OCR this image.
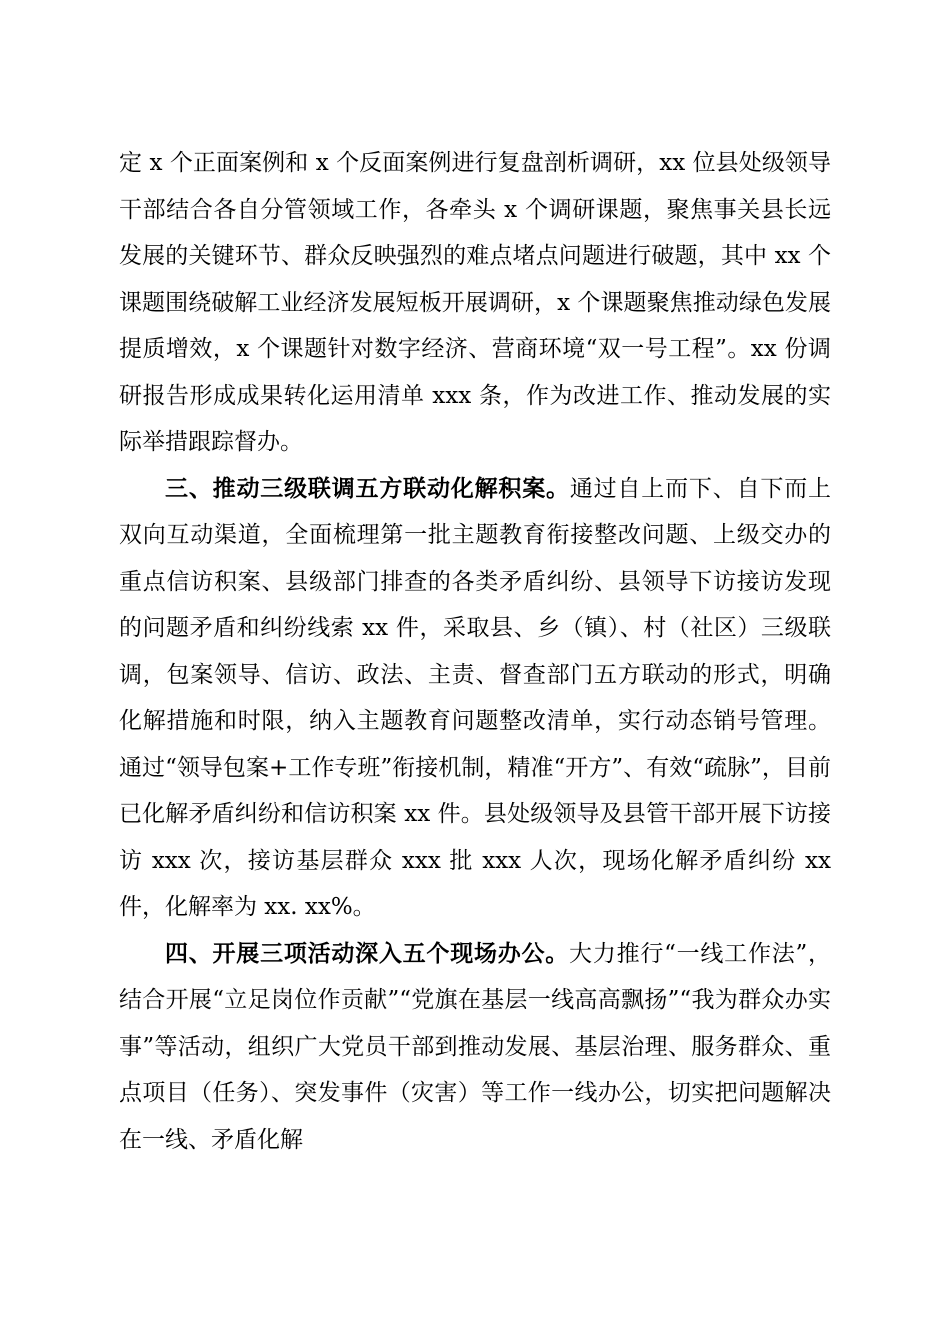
定 x 个正面案例和 x 个反面案例进行复盘剖析调研，xx 位县处级领导干部结合各自分管领域工作，各牵头 x 个调研课题，聚焦事关县长远发展的关键环节、群众反映强烈的难点堵点问题进行破题，其中 xx 个课题围绕破解工业经济发展短板开展调研，x 个课题聚焦推动绿色发展提质增效，x 个课题针对数字经济、营商环境“双一号工程”。xx 份调研报告形成成果转化运用清单 xxx 条，作为改进工作、推动发展的实际举措跟踪督办。

三、推动三级联调五方联动化解积案。通过自上而下、自下而上双向互动渠道，全面梳理第一批主题教育衔接整改问题、上级交办的重点信访积案、县级部门排查的各类矛盾纠纷、县领导下访接访发现的问题矛盾和纠纷线索 xx 件，采取县、乡（镇）、村（社区）三级联调，包案领导、信访、政法、主责、督查部门五方联动的形式，明确化解措施和时限，纳入主题教育问题整改清单，实行动态销号管理。通过“领导包案+工作专班”衔接机制，精准“开方”、有效“疏脉”，目前已化解矛盾纠纷和信访积案 xx 件。县处级领导及县管干部开展下访接访 xxx 次，接访基层群众 xxx 批 xxx 人次，现场化解矛盾纠纷 xx 件，化解率为 xx. xx%。

四、开展三项活动深入五个现场办公。大力推行“一线工作法”，结合开展“立足岗位作贡献”“党旗在基层一线高高飘扬”“我为群众办实事”等活动，组织广大党员干部到推动发展、基层治理、服务群众、重点项目（任务）、突发事件（灾害）等工作一线办公，切实把问题解决在一线、矛盾化解
